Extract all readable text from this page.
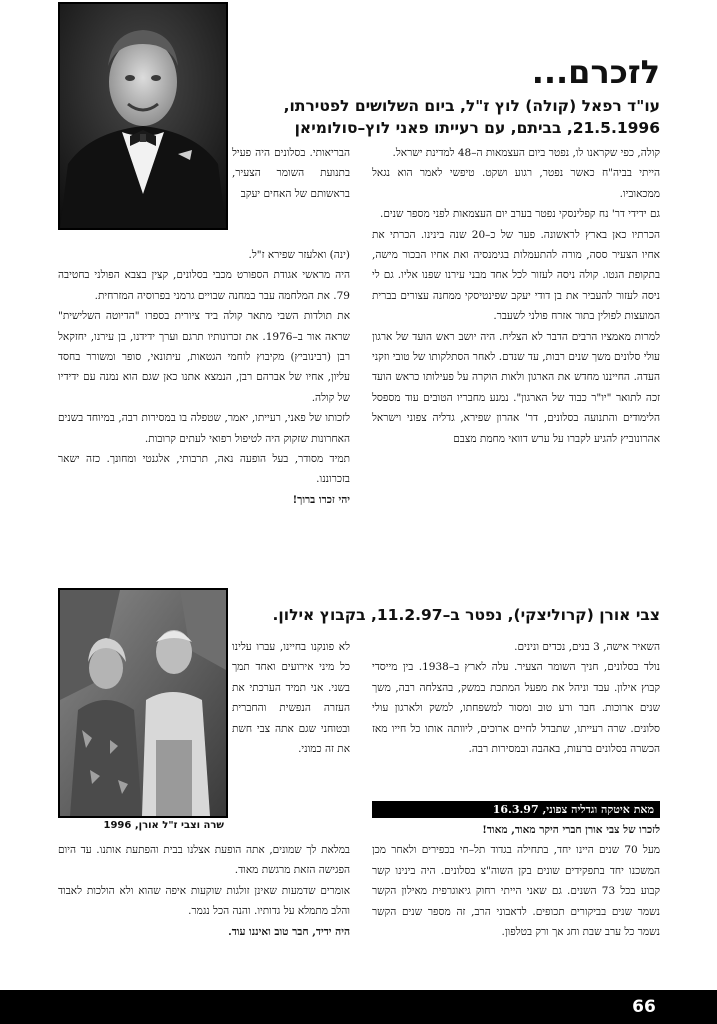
לזכרם...
עו"ד רפאל (קולה) לוץ ז"ל, ביום השלושים לפטירתו,
21.5.1996, בביתם, עם רעייתו פאני לוץ–סולומיאן

קולה, כפי שקראנו לו, נפטר ביום העצמאות ה–48 למדינת ישראל.

הייתי בביה"ח כאשר נפטר, רגוע ושקט. טיפשי לאמר הוא נגאל ממכאוביו.

גם ידידי דר' נח קפלינסקי נפטר בערב יום העצמאות לפני מספר שנים.

הכרתיו כאן בארץ לראשונה. פער של כ–20 שנה בינינו. הכרתי את אחיו הצעיר ססה, מורה להתעמלות בגימנסיה ואת אחיו הבכור מישה, בתקופת הגטו. קולה ניסה לעזור לכל אחד מבני עירנו שפנו אליו. גם לי ניסה לעזור להעביר את בן דודי יעקב שפינטיסקי ממחנה עצורים בברית המועצות לפולין בתור אזרח פולני לשעבר.

למרות מאמציו הרבים הדבר לא הצליח. היה יושב ראש הועד של ארגון עולי סלונים משך שנים רבות, עד שנדם. לאחר הסתלקותו של טובי וזקני העדה. החייננו מחדש את הארגון ולאות הוקרה על פעילותו כראש הועד זכה לתואר "יו"ר כבוד של הארגון". נמנע מחבריו הטובים עוד מספסל הלימודים והתנועה בסלונים, דר' אהרון שפירא, גדליה צפוני וישראל אהרונוביץ להגיע לקברו על ערש דוואי מחמת מצבם

הבריאותי. בסלונים היה פעיל בתנועת השומר הצעיר, בראשותם של האחים יעקב

(ינה) ואלעזר שפירא ז"ל.

היה מראשי אגודת הספורט מכבי בסלונים, קצין בצבא הפולני בחטיבה 79. את המלחמה עבר במחנה שבויים גרמני בפרוסיה המזרחית.

את תולדות השבי מתאר קולה ביד ציורית בספרו "הדיוטה השלישית" שראה אור ב–1976. את זכרונותיו תרגם וערך ידידנו, בן עירנו, יחזקאל רבן (רבינוביץ) מקיבוץ לוחמי הגטאות, עיתונאי, סופר ומשורר בחסד עליון, אחיו של אברהם רבן, הנמצא אתנו כאן שגם הוא נמנה עם ידידיו של קולה.

לזכותו של פאני, רעייתו, יאמר, שטפלה בו במסירות רבה, במיוחד בשנים האחרונות שזקוק היה לטיפול רפואי לעתים קרובות.

תמיד מסודר, בעל הופעה נאה, תרבותי, אלגנטי ומחונך. כזה ישאר בזכרוננו.

יהי זכרו ברוך!

צבי אורן (קרוליצקי), נפטר ב–11.2.97, בקבוץ אילון.
שרה וצבי ז"ל אורן, 1996

השאיר אישה, 3 בנים, נכדים ונינים.

נולד בסלונים, חניך השומר הצעיר. עלה לארץ ב–1938. בין מייסדי קבוץ אילון. עבד וניהל את מפעל המתכת במשק, בהצלחה רבה, משך שנים ארוכות. חבר ורע טוב ומסור למשפחתו, למשק ולארגון עולי סלונים. שרה רעייתו, שתבדל לחיים ארוכים, ליוותה אותו כל חייו מאז הכשרה בסלונים ברעות, באהבה ובמסירות רבה.

מאת איטקה וגדליה צפוני, 16.3.97

לזכרו של צבי אורן חברי היקר מאוד, מאוד!

מעל 70 שנים היינו יחד, בתחילה בגדוד תל–חי בכפירים ולאחר מכן המשכנו יחד בתפקידים שונים בקן השוה"צ בסלונים. היה בינינו קשר קבוע בכל 73 השנים. גם שאני הייתי רחוק גיאוגרפית מאילון הקשר נשמר שנים בביקורים תכופים. לדאבוני הרב, זה מספר שנים הקשר נשמר כל ערב שבת וחג אך ורק בטלפון.

לא פונקנו בחיינו, עברו עלינו כל מיני אירועים ואחד תמך בשני. אני תמיד הערכתי את העזרה הנפשית והחברית ובטוחני שגם אתה צבי חשת את זה כמוני.

במלאת לך שמונים, אתה הופעת אצלנו בבית והפתעת אותנו. עד היום הפגישה הזאת מרגשת מאוד.

אומרים שדמעות שאינן זולגות שוקעות איפה שהוא ולא הולכות לאבוד והלב מתמלא על גדותיו. והנה הכל נגמר.

היה ידיד, חבר טוב ואיננו עוד.

66
